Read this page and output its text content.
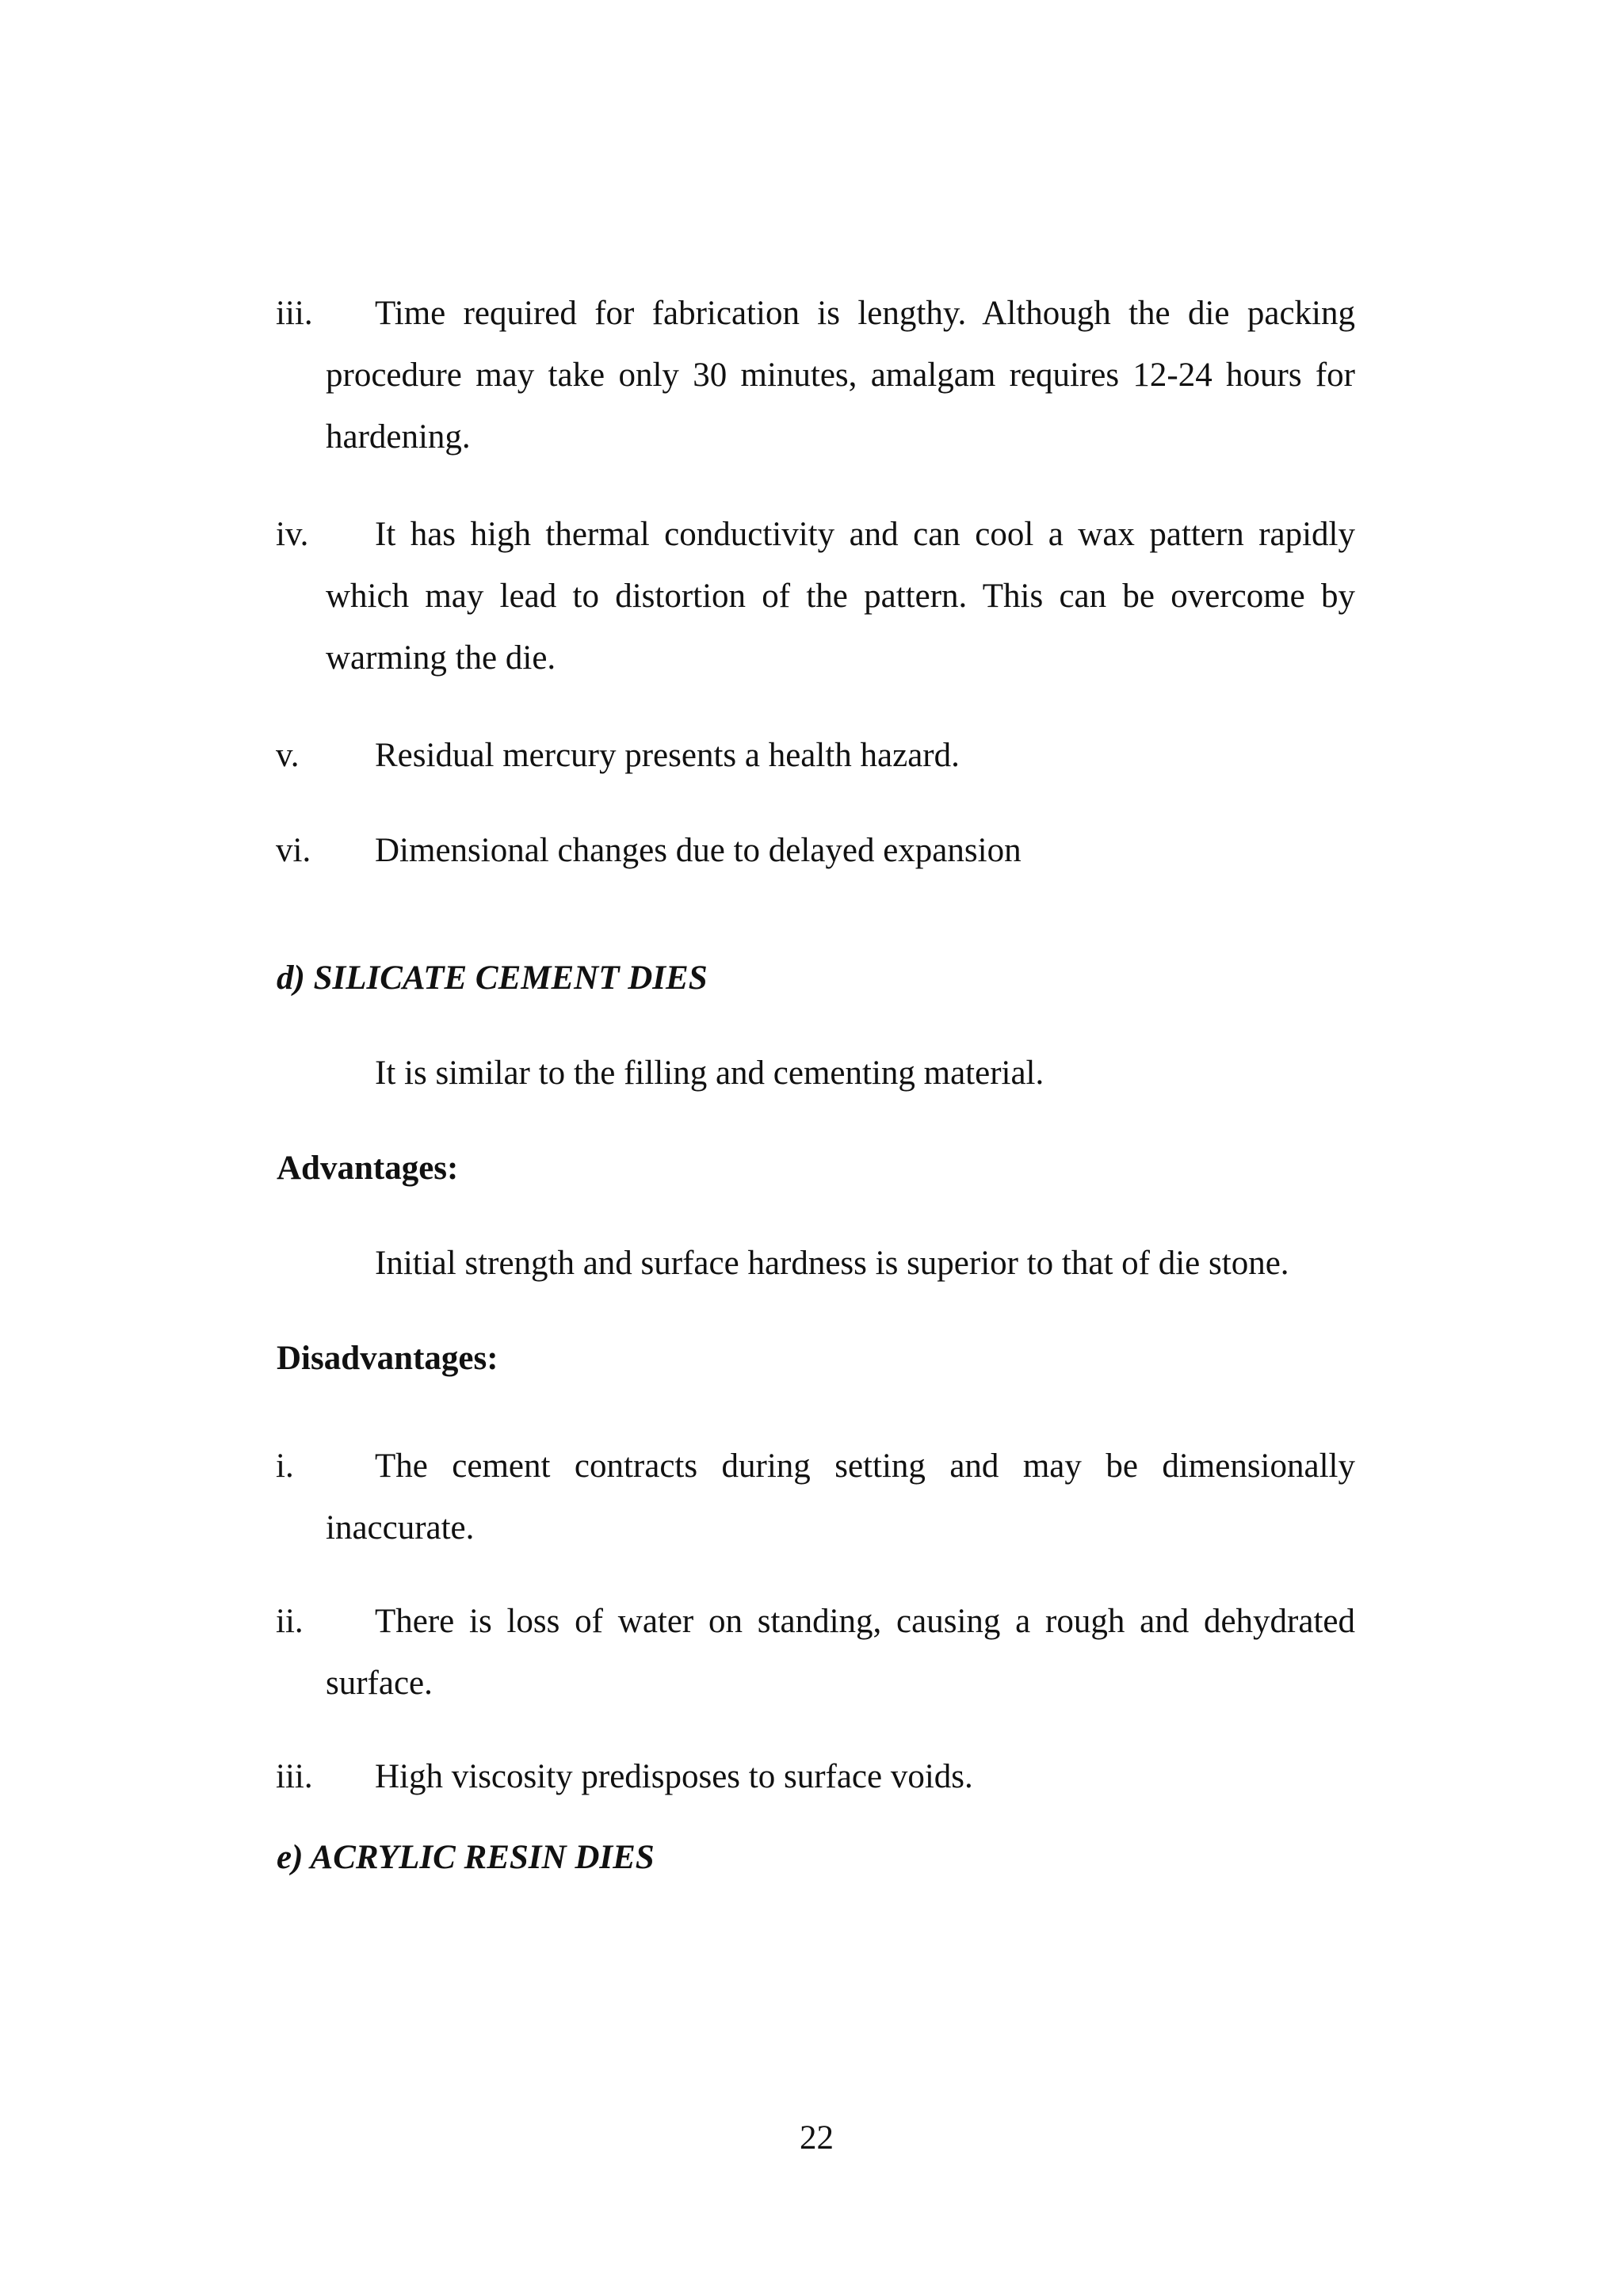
iii.	Time required for fabrication is lengthy. Although the die packing procedure may take only 30 minutes, amalgam requires 12-24 hours for hardening.
iv.	It has high thermal conductivity and can cool a wax pattern rapidly which may lead to distortion of the pattern. This can be overcome by warming the die.
v.	Residual mercury presents a health hazard.
vi.	Dimensional changes due to delayed expansion
d) SILICATE CEMENT DIES
It is similar to the filling and cementing material.
Advantages:
Initial strength and surface hardness is superior to that of die stone.
Disadvantages:
i.	The cement contracts during setting and may be dimensionally inaccurate.
ii.	There is loss of water on standing, causing a rough and dehydrated surface.
iii.	High viscosity predisposes to surface voids.
e) ACRYLIC RESIN DIES
22
